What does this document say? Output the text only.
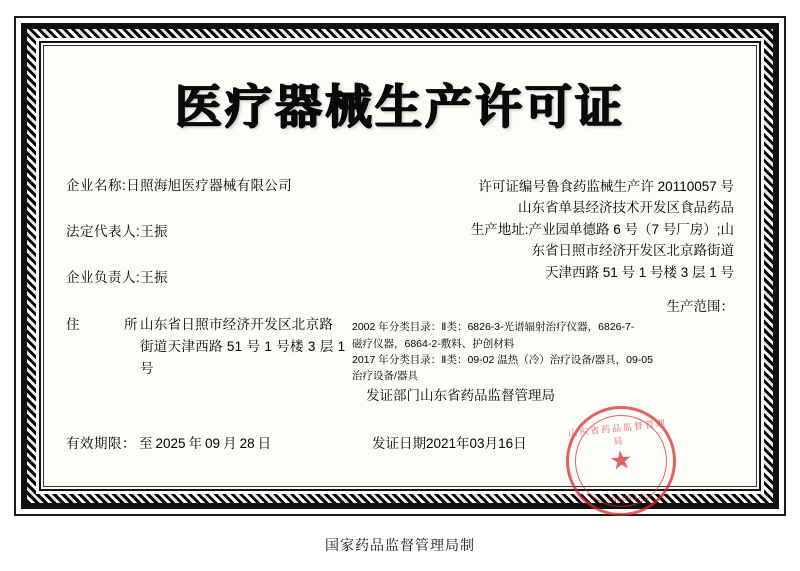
医疗器械生产许可证
企业名称: 日照海旭医疗器械有限公司
法定代表人: 王振
企业负责人: 王振
住	所 山东省日照市经济开发区北京路街道天津西路 51 号 1 号楼 3 层 1 号
许可证编号鲁食药监械生产许 20110057 号
山东省单县经济技术开发区食品药品
生产地址:产业园单德路 6 号（7 号厂房）;山
东省日照市经济开发区北京路街道
天津西路 51 号 1 号楼 3 层 1 号
生产范围：
2002 年分类目录：Ⅱ类：6826-3-光谱辐射治疗仪器，6826-7-
磁疗仪器，6864-2-敷料、护创材料
2017 年分类目录：Ⅱ类：09-02 温热（冷）治疗设备/器具，09-05
治疗设备/器具
发证部门山东省药品监督管理局
有效期限： 至 2025 年 09 月 28 日	发证日期 2021 年 03 月 16 日
山东省药品监督管理局
★
7010032
国家药品监督管理局制
